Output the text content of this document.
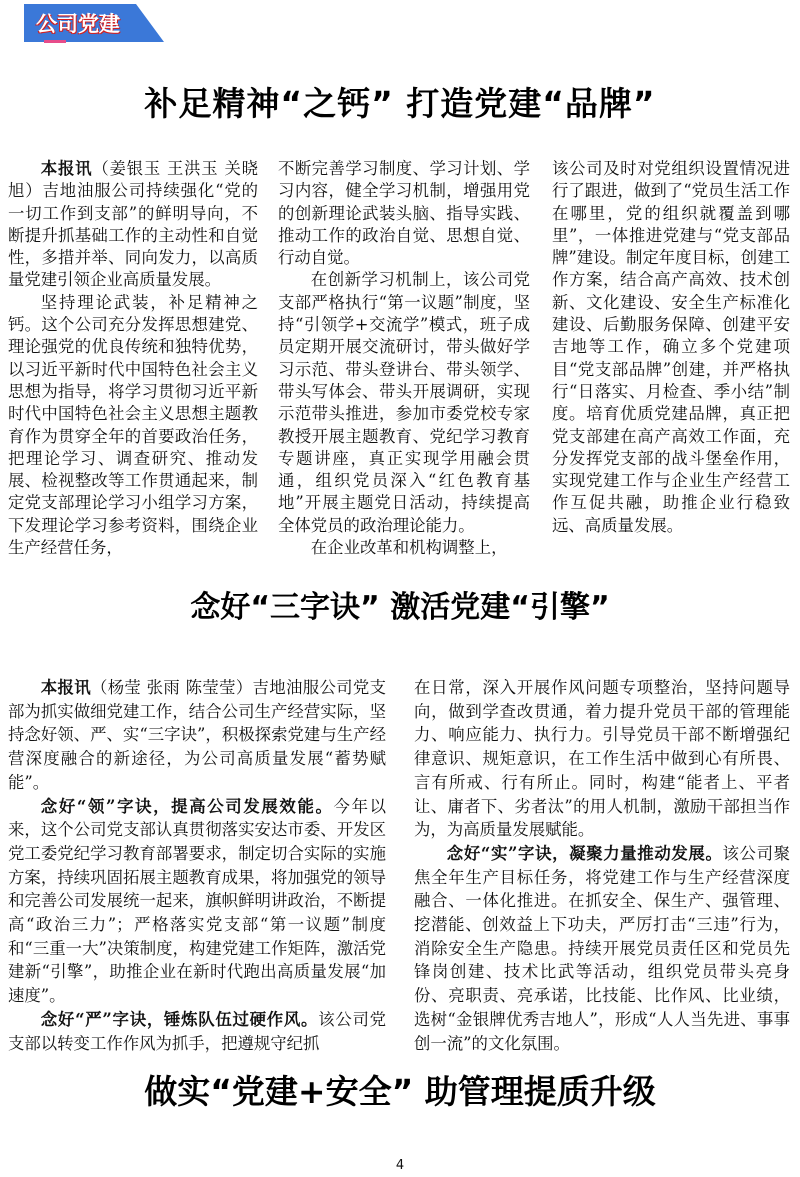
公司党建
补足精神“之钙” 打造党建“品牌”

本报讯（姜银玉 王洪玉 关晓旭）吉地油服公司持续强化“党的一切工作到支部”的鲜明导向，不断提升抓基础工作的主动性和自觉性，多措并举、同向发力，以高质量党建引领企业高质量发展。

坚持理论武装，补足精神之钙。这个公司充分发挥思想建党、理论强党的优良传统和独特优势，以习近平新时代中国特色社会主义思想为指导，将学习贯彻习近平新时代中国特色社会主义思想主题教育作为贯穿全年的首要政治任务，把理论学习、调查研究、推动发展、检视整改等工作贯通起来，制定党支部理论学习小组学习方案，下发理论学习参考资料，围绕企业生产经营任务，

不断完善学习制度、学习计划、学习内容，健全学习机制，增强用党的创新理论武装头脑、指导实践、推动工作的政治自觉、思想自觉、行动自觉。

在创新学习机制上，该公司党支部严格执行“第一议题”制度，坚持“引领学+交流学”模式，班子成员定期开展交流研讨，带头做好学习示范、带头登讲台、带头领学、带头写体会、带头开展调研，实现示范带头推进，参加市委党校专家教授开展主题教育、党纪学习教育专题讲座，真正实现学用融会贯通，组织党员深入“红色教育基地”开展主题党日活动，持续提高全体党员的政治理论能力。

在企业改革和机构调整上，

该公司及时对党组织设置情况进行了跟进，做到了“党员生活工作在哪里，党的组织就覆盖到哪里”，一体推进党建与“党支部品牌”建设。制定年度目标，创建工作方案，结合高产高效、技术创新、文化建设、安全生产标准化建设、后勤服务保障、创建平安吉地等工作，确立多个党建项目“党支部品牌”创建，并严格执行“日落实、月检查、季小结”制度。培育优质党建品牌，真正把党支部建在高产高效工作面，充分发挥党支部的战斗堡垒作用，实现党建工作与企业生产经营工作互促共融，助推企业行稳致远、高质量发展。

念好“三字诀” 激活党建“引擎”

本报讯（杨莹 张雨 陈莹莹）吉地油服公司党支部为抓实做细党建工作，结合公司生产经营实际，坚持念好领、严、实“三字诀”，积极探索党建与生产经营深度融合的新途径，为公司高质量发展“蓄势赋能”。

念好“领”字诀，提高公司发展效能。今年以来，这个公司党支部认真贯彻落实安达市委、开发区党工委党纪学习教育部署要求，制定切合实际的实施方案，持续巩固拓展主题教育成果，将加强党的领导和完善公司发展统一起来，旗帜鲜明讲政治，不断提高“政治三力”；严格落实党支部“第一议题”制度和“三重一大”决策制度，构建党建工作矩阵，激活党建新“引擎”，助推企业在新时代跑出高质量发展“加速度”。

念好“严”字诀，锤炼队伍过硬作风。该公司党支部以转变工作作风为抓手，把遵规守纪抓

在日常，深入开展作风问题专项整治，坚持问题导向，做到学查改贯通，着力提升党员干部的管理能力、响应能力、执行力。引导党员干部不断增强纪律意识、规矩意识，在工作生活中做到心有所畏、言有所戒、行有所止。同时，构建“能者上、平者让、庸者下、劣者汰”的用人机制，激励干部担当作为，为高质量发展赋能。

念好“实”字诀，凝聚力量推动发展。该公司聚焦全年生产目标任务，将党建工作与生产经营深度融合、一体化推进。在抓安全、保生产、强管理、挖潜能、创效益上下功夫，严厉打击“三违”行为，消除安全生产隐患。持续开展党员责任区和党员先锋岗创建、技术比武等活动，组织党员带头亮身份、亮职责、亮承诺，比技能、比作风、比业绩，选树“金银牌优秀吉地人”，形成“人人当先进、事事创一流”的文化氛围。

做实“党建+安全” 助管理提质升级
4
